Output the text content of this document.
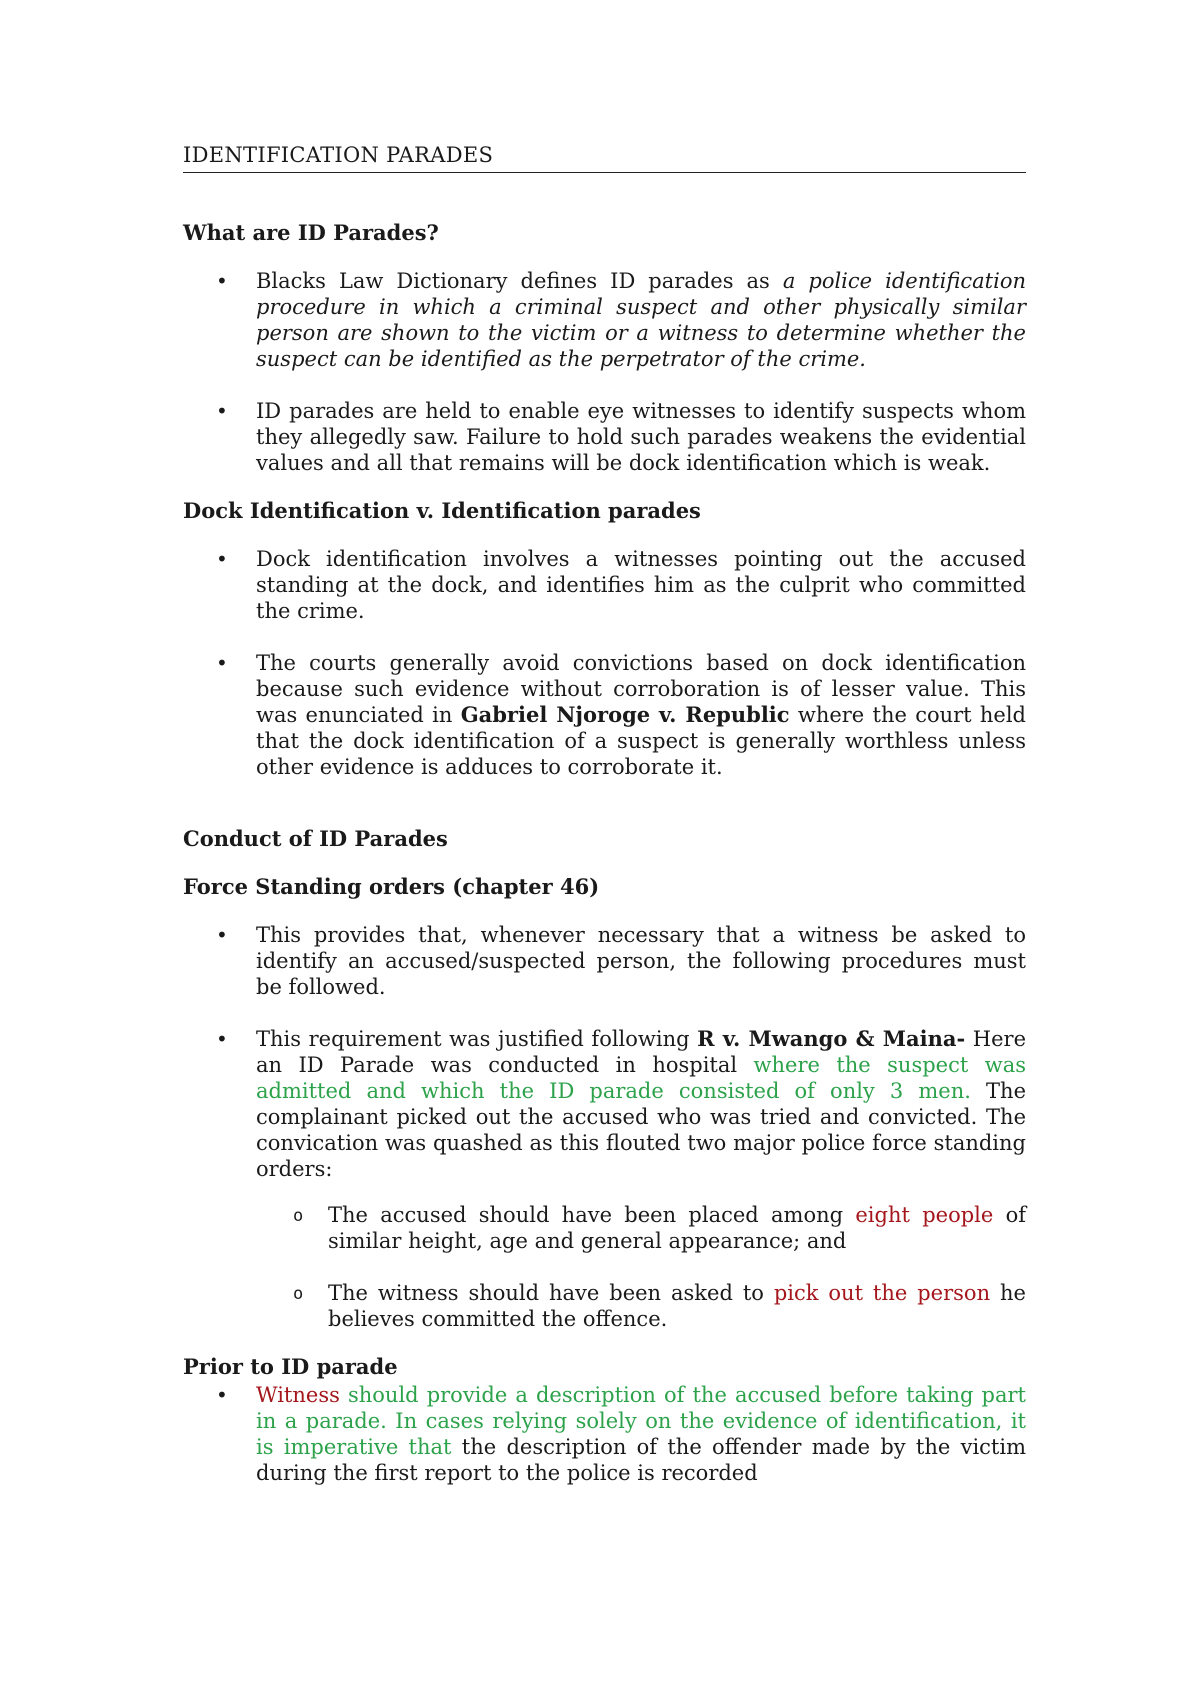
IDENTIFICATION PARADES

What are ID Parades?
• Blacks Law Dictionary defines ID parades as a police identification procedure in which a criminal suspect and other physically similar person are shown to the victim or a witness to determine whether the suspect can be identified as the perpetrator of the crime.
• ID parades are held to enable eye witnesses to identify suspects whom they allegedly saw. Failure to hold such parades weakens the evidential values and all that remains will be dock identification which is weak.
Dock Identification v. Identification parades
• Dock identification involves a witnesses pointing out the accused standing at the dock, and identifies him as the culprit who committed the crime.
• The courts generally avoid convictions based on dock identification because such evidence without corroboration is of lesser value. This was enunciated in Gabriel Njoroge v. Republic where the court held that the dock identification of a suspect is generally worthless unless other evidence is adduces to corroborate it.
Conduct of ID Parades
Force Standing orders (chapter 46)
• This provides that, whenever necessary that a witness be asked to identify an accused/suspected person, the following procedures must be followed.
• This requirement was justified following R v. Mwango & Maina- Here an ID Parade was conducted in hospital where the suspect was admitted and which the ID parade consisted of only 3 men. The complainant picked out the accused who was tried and convicted. The convication was quashed as this flouted two major police force standing orders:
o The accused should have been placed among eight people of similar height, age and general appearance; and
o The witness should have been asked to pick out the person he believes committed the offence.
Prior to ID parade
• Witness should provide a description of the accused before taking part in a parade. In cases relying solely on the evidence of identification, it is imperative that the description of the offender made by the victim during the first report to the police is recorded
